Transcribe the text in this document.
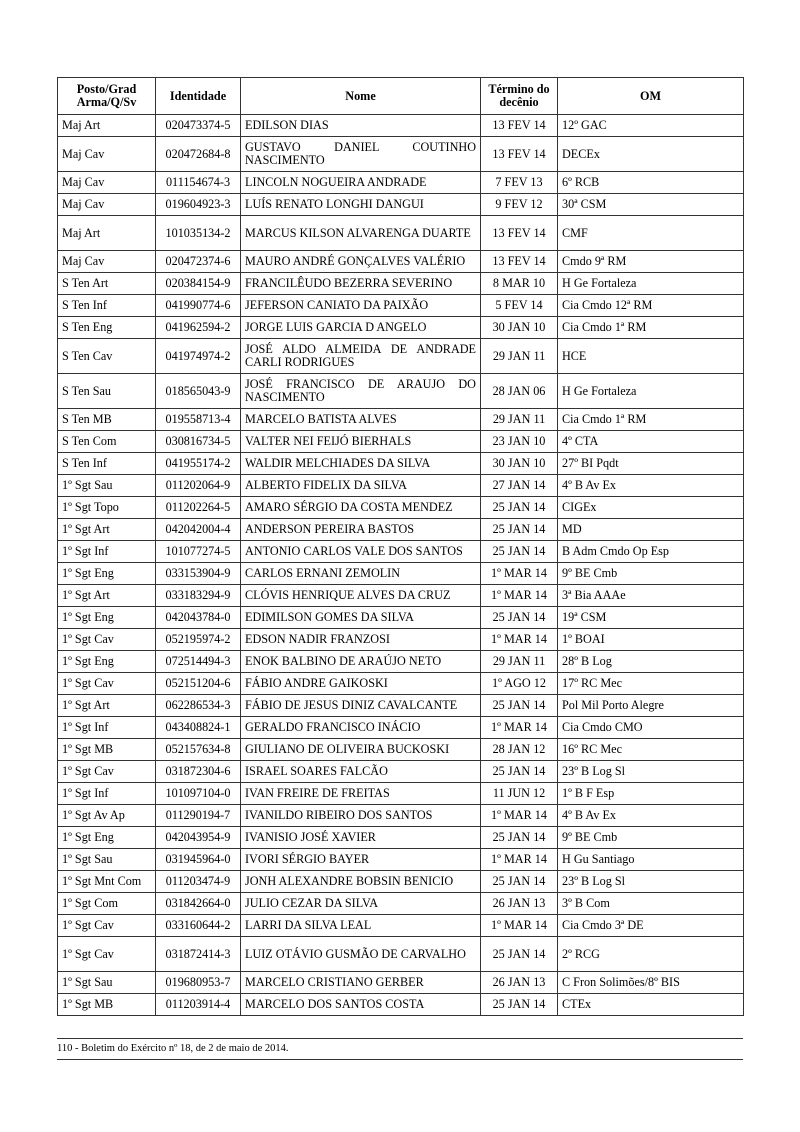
Posto/Grad Arma/Q/Sv	Identidade	Nome	Término do decênio	OM
Maj Art	020473374-5	EDILSON DIAS	13 FEV 14	12º GAC
Maj Cav	020472684-8	GUSTAVO DANIEL COUTINHO NASCIMENTO	13 FEV 14	DECEx
Maj Cav	011154674-3	LINCOLN NOGUEIRA ANDRADE	7 FEV 13	6º RCB
Maj Cav	019604923-3	LUÍS RENATO LONGHI DANGUI	9 FEV 12	30ª CSM
Maj Art	101035134-2	MARCUS KILSON ALVARENGA DUARTE	13 FEV 14	CMF
Maj Cav	020472374-6	MAURO ANDRÉ GONÇALVES VALÉRIO	13 FEV 14	Cmdo 9ª RM
S Ten Art	020384154-9	FRANCILÊUDO BEZERRA SEVERINO	8 MAR 10	H Ge Fortaleza
S Ten Inf	041990774-6	JEFERSON CANIATO DA PAIXÃO	5 FEV 14	Cia Cmdo 12ª RM
S Ten Eng	041962594-2	JORGE LUIS GARCIA D ANGELO	30 JAN 10	Cia Cmdo 1ª RM
S Ten Cav	041974974-2	JOSÉ ALDO ALMEIDA DE ANDRADE CARLI RODRIGUES	29 JAN 11	HCE
S Ten Sau	018565043-9	JOSÉ FRANCISCO DE ARAUJO DO NASCIMENTO	28 JAN 06	H Ge Fortaleza
S Ten MB	019558713-4	MARCELO BATISTA ALVES	29 JAN 11	Cia Cmdo 1ª RM
S Ten Com	030816734-5	VALTER NEI FEIJÓ BIERHALS	23 JAN 10	4º CTA
S Ten Inf	041955174-2	WALDIR MELCHIADES DA SILVA	30 JAN 10	27º BI Pqdt
1º Sgt Sau	011202064-9	ALBERTO FIDELIX DA SILVA	27 JAN 14	4º B Av Ex
1º Sgt Topo	011202264-5	AMARO SÉRGIO DA COSTA MENDEZ	25 JAN 14	CIGEx
1º Sgt Art	042042004-4	ANDERSON PEREIRA BASTOS	25 JAN 14	MD
1º Sgt Inf	101077274-5	ANTONIO CARLOS VALE DOS SANTOS	25 JAN 14	B Adm Cmdo Op Esp
1º Sgt Eng	033153904-9	CARLOS ERNANI ZEMOLIN	1º MAR 14	9º BE Cmb
1º Sgt Art	033183294-9	CLÓVIS HENRIQUE ALVES DA CRUZ	1º MAR 14	3ª Bia AAAe
1º Sgt Eng	042043784-0	EDIMILSON GOMES DA SILVA	25 JAN 14	19ª CSM
1º Sgt Cav	052195974-2	EDSON NADIR FRANZOSI	1º MAR 14	1º BOAI
1º Sgt Eng	072514494-3	ENOK BALBINO DE ARAÚJO NETO	29 JAN 11	28º B Log
1º Sgt Cav	052151204-6	FÁBIO ANDRE GAIKOSKI	1º AGO 12	17º RC Mec
1º Sgt Art	062286534-3	FÁBIO DE JESUS DINIZ CAVALCANTE	25 JAN 14	Pol Mil Porto Alegre
1º Sgt Inf	043408824-1	GERALDO FRANCISCO INÁCIO	1º MAR 14	Cia Cmdo CMO
1º Sgt MB	052157634-8	GIULIANO DE OLIVEIRA BUCKOSKI	28 JAN 12	16º RC Mec
1º Sgt Cav	031872304-6	ISRAEL SOARES FALCÃO	25 JAN 14	23º B Log Sl
1º Sgt Inf	101097104-0	IVAN FREIRE DE FREITAS	11 JUN 12	1º B F Esp
1º Sgt Av Ap	011290194-7	IVANILDO RIBEIRO DOS SANTOS	1º MAR 14	4º B Av Ex
1º Sgt Eng	042043954-9	IVANISIO JOSÉ XAVIER	25 JAN 14	9º BE Cmb
1º Sgt Sau	031945964-0	IVORI SÉRGIO BAYER	1º MAR 14	H Gu Santiago
1º Sgt Mnt Com	011203474-9	JONH ALEXANDRE BOBSIN BENICIO	25 JAN 14	23º B Log Sl
1º Sgt Com	031842664-0	JULIO CEZAR DA SILVA	26 JAN 13	3º B Com
1º Sgt Cav	033160644-2	LARRI DA SILVA LEAL	1º MAR 14	Cia Cmdo 3ª DE
1º Sgt Cav	031872414-3	LUIZ OTÁVIO GUSMÃO DE CARVALHO	25 JAN 14	2º RCG
1º Sgt Sau	019680953-7	MARCELO CRISTIANO GERBER	26 JAN 13	C Fron Solimões/8º BIS
1º Sgt MB	011203914-4	MARCELO DOS SANTOS COSTA	25 JAN 14	CTEx
110 - Boletim do Exército nº 18, de 2 de maio de 2014.
